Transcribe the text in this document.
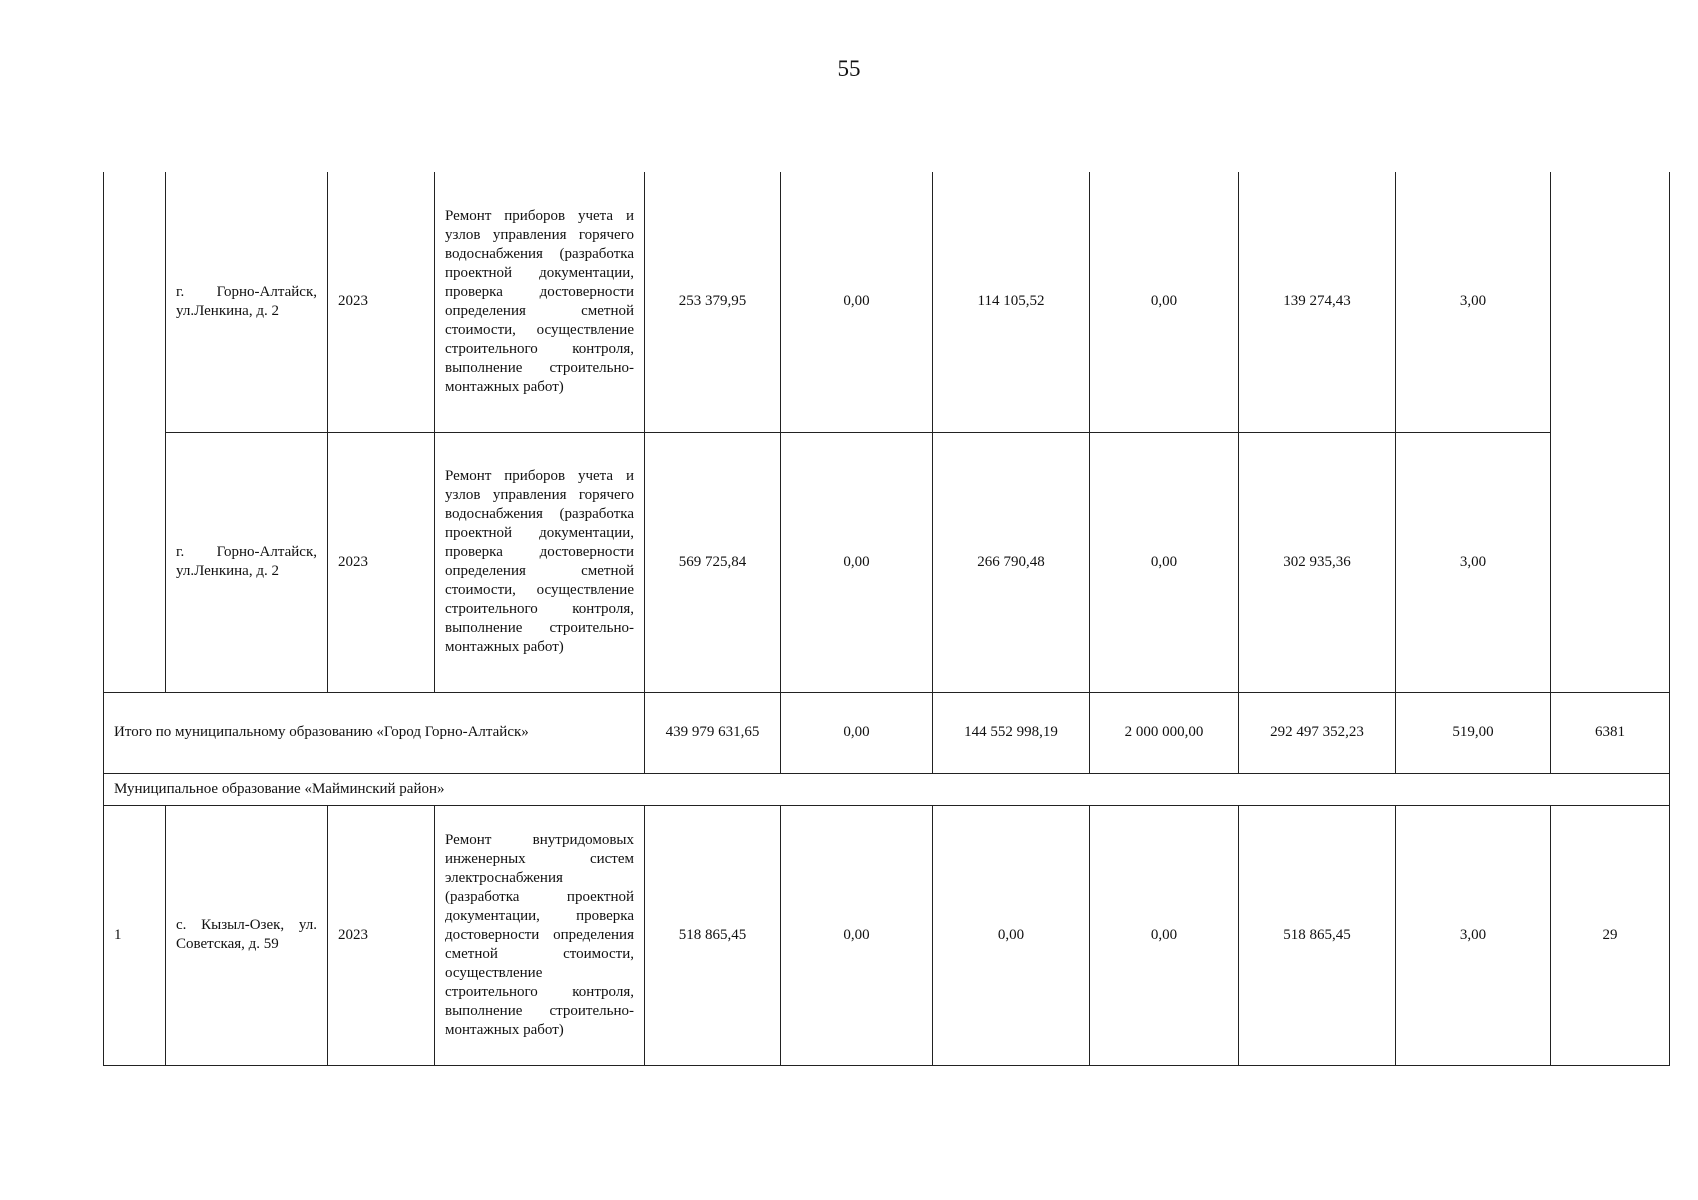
55
	г. Горно-Алтайск, ул.Ленкина, д. 2	2023	Ремонт приборов учета и узлов управления горячего водоснабжения (разработка проектной документации, проверка достоверности определения сметной стоимости, осуществление строительного контроля, выполнение строительно-монтажных работ)	253 379,95	0,00	114 105,52	0,00	139 274,43	3,00	
	г. Горно-Алтайск, ул.Ленкина, д. 2	2023	Ремонт приборов учета и узлов управления горячего водоснабжения (разработка проектной документации, проверка достоверности определения сметной стоимости, осуществление строительного контроля, выполнение строительно-монтажных работ)	569 725,84	0,00	266 790,48	0,00	302 935,36	3,00	
Итого по муниципальному образованию «Город Горно-Алтайск»				439 979 631,65	0,00	144 552 998,19	2 000 000,00	292 497 352,23	519,00	6381
Муниципальное образование «Майминский район»										
1	с. Кызыл-Озек, ул. Советская, д. 59	2023	Ремонт внутридомовых инженерных систем электроснабжения (разработка проектной документации, проверка достоверности определения сметной стоимости, осуществление строительного контроля, выполнение строительно-монтажных работ)	518 865,45	0,00	0,00	0,00	518 865,45	3,00	29
